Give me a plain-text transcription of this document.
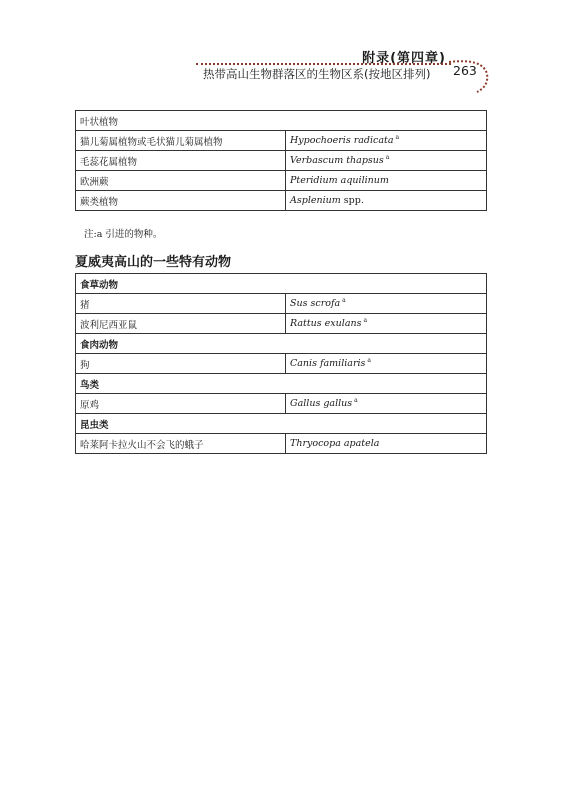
附录(第四章)
热带高山生物群落区的生物区系(按地区排列) 263
叶状植物	
猫儿菊属植物或毛状猫儿菊属植物	Hypochoeris radicata $^a$
毛蕊花属植物	Verbascum thapsus $^a$
欧洲蕨	Pteridium aquilinum
蕨类植物	Asplenium spp.
注:a 引进的物种。
夏威夷高山的一些特有动物
食草动物	
猪	Sus scrofa $^a$
波利尼西亚鼠	Rattus exulans $^a$
食肉动物	
狗	Canis familiaris $^a$
鸟类	
原鸡	Gallus gallus $^a$
昆虫类	
哈莱阿卡拉火山不会飞的蛾子	Thryocopa apatela
